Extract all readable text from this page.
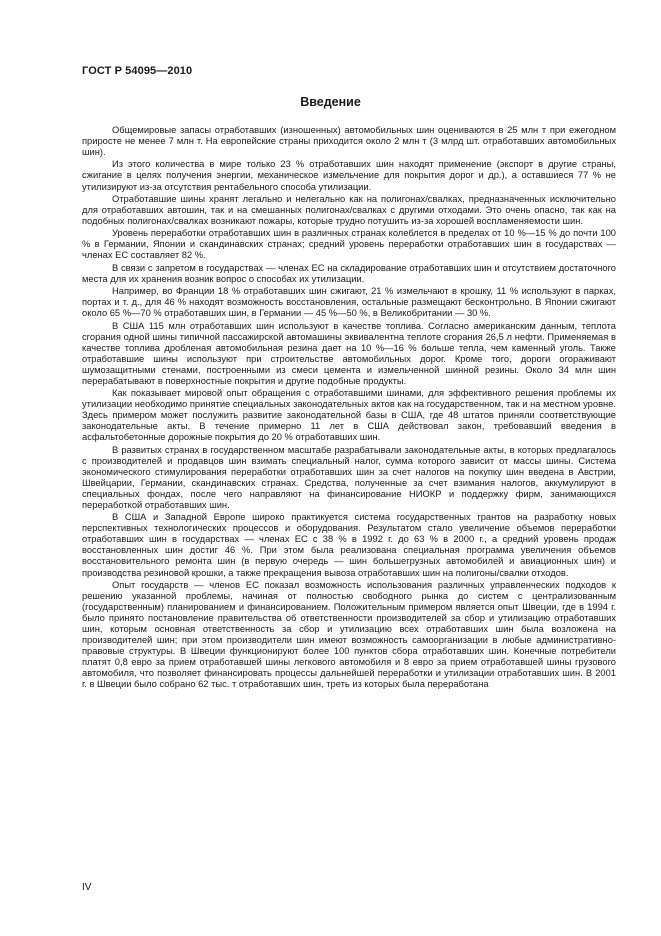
ГОСТ Р 54095—2010
Введение

Общемировые запасы отработавших (изношенных) автомобильных шин оцениваются в 25 млн т при ежегодном приросте не менее 7 млн т. На европейские страны приходится около 2 млн т (3 млрд шт. отработавших автомобильных шин).

Из этого количества в мире только 23 % отработавших шин находят применение (экспорт в другие страны, сжигание в целях получения энергии, механическое измельчение для покрытия дорог и др.), а оставшиеся 77 % не утилизируют из-за отсутствия рентабельного способа утилизации.

Отработавшие шины хранят легально и нелегально как на полигонах/свалках, предназначенных исключительно для отработавших автошин, так и на смешанных полигонах/свалках с другими отходами. Это очень опасно, так как на подобных полигонах/свалках возникают пожары, которые трудно потушить из-за хорошей воспламеняемости шин.

Уровень переработки отработавших шин в различных странах колеблется в пределах от 10 %—15 % до почти 100 % в Германии, Японии и скандинавских странах; средний уровень переработки отработавших шин в государствах — членах ЕС составляет 82 %.

В связи с запретом в государствах — членах ЕС на складирование отработавших шин и отсутствием достаточного места для их хранения возник вопрос о способах их утилизации.

Например, во Франции 18 % отработавших шин сжигают, 21 % измельчают в крошку, 11 % используют в парках, портах и т. д., для 46 % находят возможность восстановления, остальные размещают бесконтрольно. В Японии сжигают около 65 %—70 % отработавших шин, в Германии — 45 %—50 %, в Великобритании — 30 %.

В США 115 млн отработавших шин используют в качестве топлива. Согласно американским данным, теплота сгорания одной шины типичной пассажирской автомашины эквивалентна теплоте сгорания 26,5 л нефти. Применяемая в качестве топлива дробленая автомобильная резина дает на 10 %—16 % больше тепла, чем каменный уголь. Также отработавшие шины используют при строительстве автомобильных дорог. Кроме того, дороги огораживают шумозащитными стенами, построенными из смеси цемента и измельченной шинной резины. Около 34 млн шин перерабатывают в поверхностные покрытия и другие подобные продукты.

Как показывает мировой опыт обращения с отработавшими шинами, для эффективного решения проблемы их утилизации необходимо принятие специальных законодательных актов как на государственном, так и на местном уровне. Здесь примером может послужить развитие законодательной базы в США, где 48 штатов приняли соответствующие законодательные акты. В течение примерно 11 лет в США действовал закон, требовавший введения в асфальтобетонные дорожные покрытия до 20 % отработавших шин.

В развитых странах в государственном масштабе разрабатывали законодательные акты, в которых предлагалось с производителей и продавцов шин взимать специальный налог, сумма которого зависит от массы шины. Система экономического стимулирования переработки отработавших шин за счет налогов на покупку шин введена в Австрии, Швейцарии, Германии, скандинавских странах. Средства, полученные за счет взимания налогов, аккумулируют в специальных фондах, после чего направляют на финансирование НИОКР и поддержку фирм, занимающихся переработкой отработавших шин.

В США и Западной Европе широко практикуется система государственных грантов на разработку новых перспективных технологических процессов и оборудования. Результатом стало увеличение объемов переработки отработавших шин в государствах — членах ЕС с 38 % в 1992 г. до 63 % в 2000 г., а средний уровень продаж восстановленных шин достиг 46 %. При этом была реализована специальная программа увеличения объемов восстановительного ремонта шин (в первую очередь — шин большегрузных автомобилей и авиационных шин) и производства резиновой крошки, а также прекращения вывоза отработавших шин на полигоны/свалки отходов.

Опыт государств — членов ЕС показал возможность использования различных управленческих подходов к решению указанной проблемы, начиная от полностью свободного рынка до систем с централизованным (государственным) планированием и финансированием. Положительным примером является опыт Швеции, где в 1994 г. было принято постановление правительства об ответственности производителей за сбор и утилизацию отработавших шин, которым основная ответственность за сбор и утилизацию всех отработавших шин была возложена на производителей шин; при этом производители шин имеют возможность самоорганизации в любые административно-правовые структуры. В Швеции функционируют более 100 пунктов сбора отработавших шин. Конечные потребители платят 0,8 евро за прием отработавшей шины легкового автомобиля и 8 евро за прием отработавшей шины грузового автомобиля, что позволяет финансировать процессы дальнейшей переработки и утилизации отработавших шин. В 2001 г. в Швеции было собрано 62 тыс. т отработавших шин, треть из которых была переработана

IV
